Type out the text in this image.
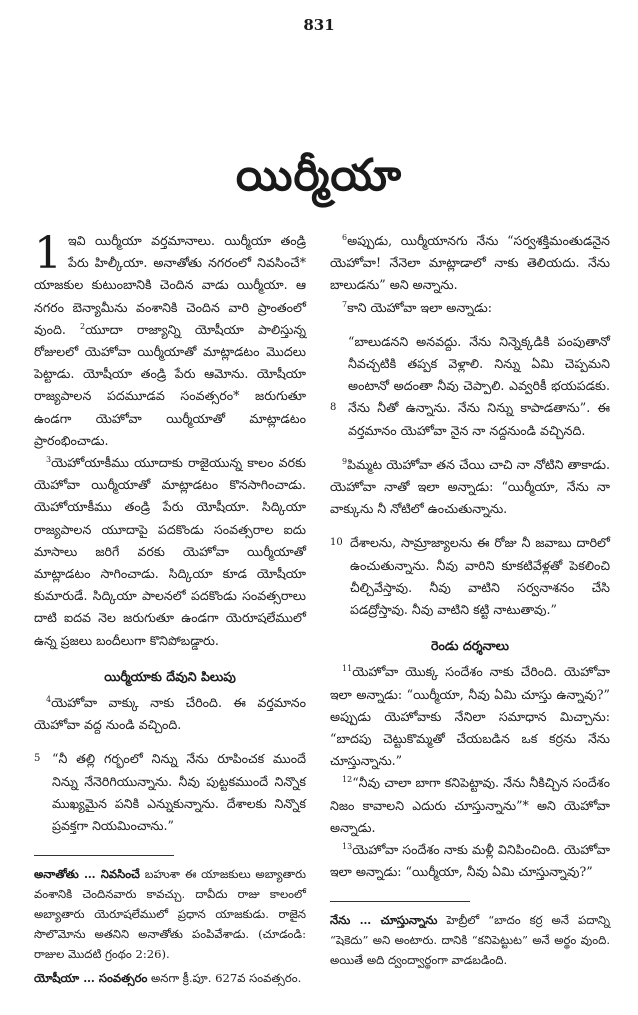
831
యిర్మీయా

1 ఇవి యిర్మీయా వర్తమానాలు. యిర్మీయా తండ్రి పేరు హిల్కీయా. అనాతోతు నగరంలో నివసించే* యాజకుల కుటుంబానికి చెందిన వాడు యిర్మీయా. ఆ నగరం బెన్యామీను వంశానికి చెందిన వారి ప్రాంతంలో వుంది. $^2$యూదా రాజ్యాన్ని యోషీయా పాలిస్తున్న రోజులలో యెహోవా యిర్మీయాతో మాట్లాడటం మొదలు పెట్టాడు. యోషీయా తండ్రి పేరు ఆమోను. యోషీయా రాజ్యపాలన పదమూడవ సంవత్సరం* జరుగుతూ ఉండగా యెహోవా యిర్మీయాతో మాట్లాడటం ప్రారంభించాడు.

$^3$యెహోయాకీము యూదాకు రాజైయున్న కాలం వరకు యెహోవా యిర్మీయాతో మాట్లాడటం కొనసాగించాడు. యెహోయాకీము తండ్రి పేరు యోషీయా. సిద్కియా రాజ్యపాలన యూదాపై పదకొండు సంవత్సరాల ఐదు మాసాలు జరిగే వరకు యెహోవా యిర్మీయాతో మాట్లాడటం సాగించాడు. సిద్కియా కూడ యోషీయా కుమారుడే. సిద్కియా పాలనలో పదకొండు సంవత్సరాలు దాటి ఐదవ నెల జరుగుతూ ఉండగా యెరూషలేములో ఉన్న ప్రజలు బందీలుగా కొనిపోబడ్డారు.

యిర్మీయాకు దేవుని పిలుపు

$^4$యెహోవా వాక్కు నాకు చేరింది. ఈ వర్తమానం యెహోవా వద్ద నుండి వచ్చింది.

5 “నీ తల్లి గర్భంలో నిన్ను నేను రూపించక ముందే నిన్ను నేనెరిగియున్నాను. నీవు పుట్టకముందే నిన్నొక ముఖ్యమైన పనికి ఎన్నుకున్నాను. దేశాలకు నిన్నొక ప్రవక్తగా నియమించాను.”

అనాతోతు … నివసించే బహుశా ఈ యాజకులు అబ్యాతారు వంశానికి చెందినవారు కావచ్చు. దావీదు రాజు కాలంలో అబ్యాతారు యెరూషలేములో ప్రధాన యాజకుడు. రాజైన సొలొమోను అతనిని అనాతోతు పంపివేశాడు. (చూడండి: రాజుల మొదటి గ్రంథం 2:26).
యోషీయా … సంవత్సరం అనగా క్రీ.పూ. 627వ సంవత్సరం.

$^6$అప్పుడు, యిర్మీయానగు నేను “సర్వశక్తిమంతుడనైన యెహోవా! నేనెలా మాట్లాడాలో నాకు తెలియదు. నేను బాలుడను” అని అన్నాను.

$^7$కాని యెహోవా ఇలా అన్నాడు:

8

“బాలుడనని అనవద్దు. నేను నిన్నెక్కడికి పంపుతానో నీవచ్చటికి తప్పక వెళ్లాలి. నిన్ను ఏమి చెప్పమని అంటానో అదంతా నీవు చెప్పాలి. ఎవ్వరికీ భయపడకు. నేను నీతో ఉన్నాను. నేను నిన్ను కాపాడతాను”. ఈ వర్తమానం యెహోవా నైన నా నద్దనుండి వచ్చినది.

$^9$పిమ్మట యెహోవా తన చేయి చాచి నా నోటిని తాకాడు. యెహోవా నాతో ఇలా అన్నాడు: “యిర్మీయా, నేను నా వాక్కును నీ నోటిలో ఉంచుతున్నాను.

10 దేశాలను, సామ్రాజ్యాలను ఈ రోజు నీ జవాబు దారిలో ఉంచుతున్నాను. నీవు వారిని కూకటివేళ్లతో పెకలించి చీల్చివేస్తావు. నీవు వాటిని సర్వనాశనం చేసి పడద్రోస్తావు. నీవు వాటిని కట్టి నాటుతావు.”

రెండు దర్శనాలు

$^{11}$యెహోవా యొక్క సందేశం నాకు చేరింది. యెహోవా ఇలా అన్నాడు: “యిర్మీయా, నీవు ఏమి చూస్తు ఉన్నావు?” అప్పుడు యెహోవాకు నేనిలా సమాధాన మిచ్చాను: “బాదపు చెట్టుకొమ్మతో చేయబడిన ఒక కర్రను నేను చూస్తున్నాను.”

$^{12}$“నీవు చాలా బాగా కనిపెట్టావు. నేను నీకిచ్చిన సందేశం నిజం కావాలని ఎదురు చూస్తున్నాను”* అని యెహోవా అన్నాడు.

$^{13}$యెహోవా సందేశం నాకు మళ్లీ వినిపించింది. యెహోవా ఇలా అన్నాడు: “యిర్మీయా, నీవు ఏమి చూస్తున్నావు?”

నేను … చూస్తున్నాను హెబ్రీలో “బాదం కర్ర అనే పదాన్ని “షెకెదు” అని అంటారు. దానికి “కనిపెట్టుట” అనే అర్థం వుంది. అయితే అది ద్వంద్వార్థంగా వాడబడింది.
